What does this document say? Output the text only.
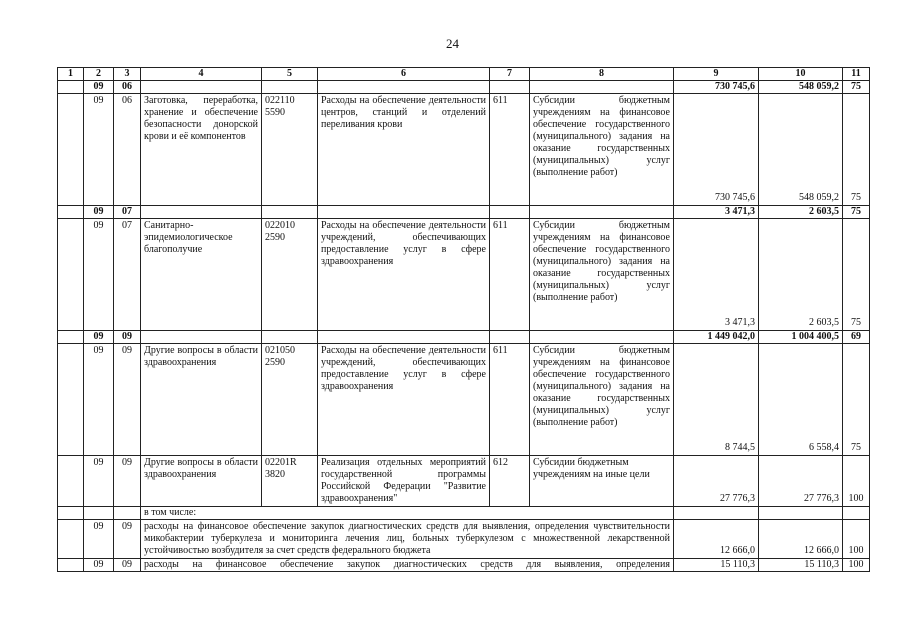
24
1	2	3	4	5	6	7	8	9	10	11
	09	06						730 745,6	548 059,2	75
	09	06	Заготовка, переработка, хранение и обеспечение безопасности донорской крови и её компонентов	022110 5590	Расходы на обеспечение деятельности центров, станций и отделений переливания крови	611	Субсидии бюджетным учреждениям на финансовое обеспечение государственного (муниципального) задания на оказание государственных (муниципальных) услуг (выполнение работ)	730 745,6	548 059,2	75
	09	07						3 471,3	2 603,5	75
	09	07	Санитарно-эпидемиологическое благополучие	022010 2590	Расходы на обеспечение деятельности учреждений, обеспечивающих предоставление услуг в сфере здравоохранения	611	Субсидии бюджетным учреждениям на финансовое обеспечение государственного (муниципального) задания на оказание государственных (муниципальных) услуг (выполнение работ)	3 471,3	2 603,5	75
	09	09						1 449 042,0	1 004 400,5	69
	09	09	Другие вопросы в области здравоохранения	021050 2590	Расходы на обеспечение деятельности учреждений, обеспечивающих предоставление услуг в сфере здравоохранения	611	Субсидии бюджетным учреждениям на финансовое обеспечение государственного (муниципального) задания на оказание государственных (муниципальных) услуг (выполнение работ)	8 744,5	6 558,4	75
	09	09	Другие вопросы в области здравоохранения	02201R 3820	Реализация отдельных мероприятий государственной программы Российской Федерации "Развитие здравоохранения"	612	Субсидии бюджетным учреждениям на иные цели	27 776,3	27 776,3	100
			в том числе:							
	09	09	расходы на финансовое обеспечение закупок диагностических средств для выявления, определения чувствительности микобактерии туберкулеза и мониторинга лечения лиц, больных туберкулезом с множественной лекарственной устойчивостью возбудителя за счет средств федерального бюджета					12 666,0	12 666,0	100
	09	09	расходы на финансовое обеспечение закупок диагностических средств для выявления, определения					15 110,3	15 110,3	100
